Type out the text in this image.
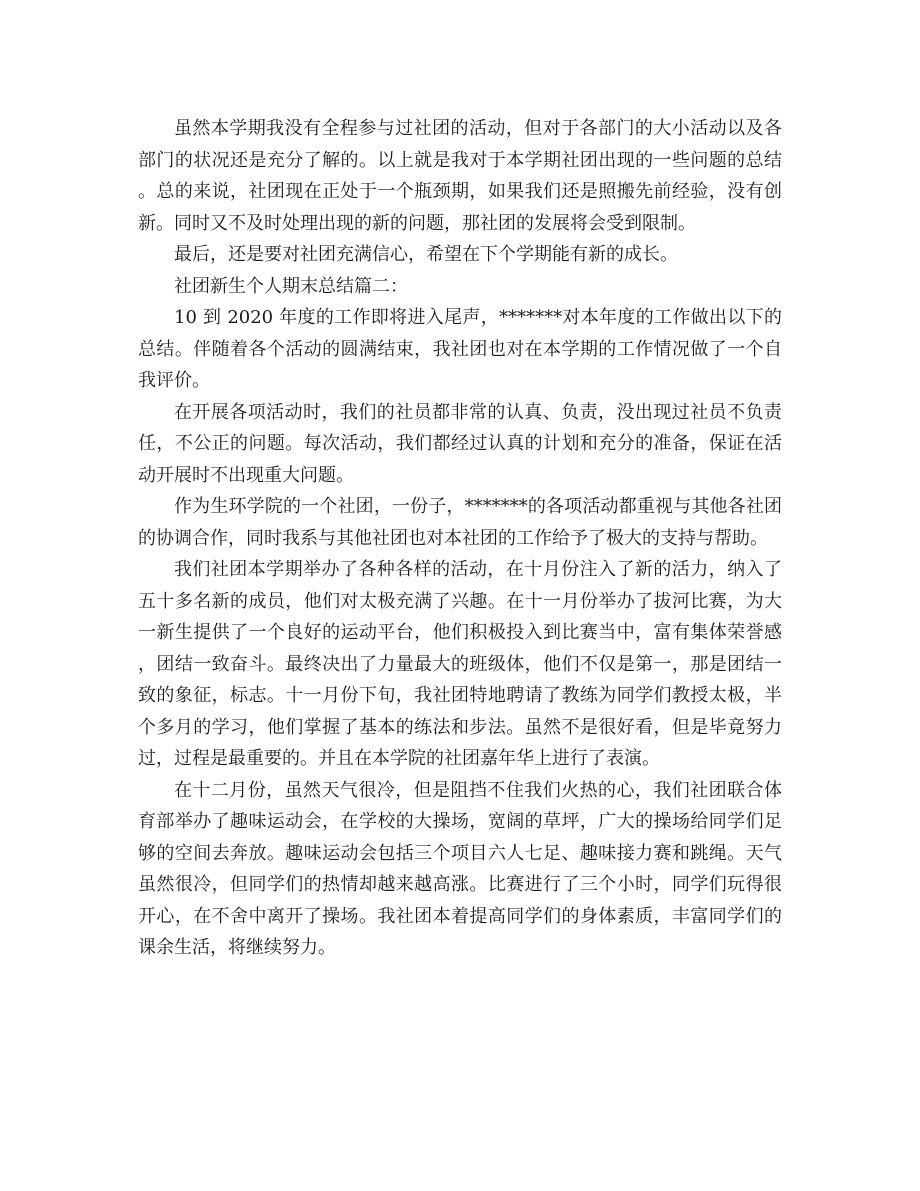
虽然本学期我没有全程参与过社团的活动，但对于各部门的大小活动以及各部门的状况还是充分了解的。以上就是我对于本学期社团出现的一些问题的总结。总的来说，社团现在正处于一个瓶颈期，如果我们还是照搬先前经验，没有创新。同时又不及时处理出现的新的问题，那社团的发展将会受到限制。

最后，还是要对社团充满信心，希望在下个学期能有新的成长。

社团新生个人期末总结篇二：

10 到 2020 年度的工作即将进入尾声，*******对本年度的工作做出以下的总结。伴随着各个活动的圆满结束，我社团也对在本学期的工作情况做了一个自我评价。

在开展各项活动时，我们的社员都非常的认真、负责，没出现过社员不负责任，不公正的问题。每次活动，我们都经过认真的计划和充分的准备，保证在活动开展时不出现重大问题。

作为生环学院的一个社团，一份子，*******的各项活动都重视与其他各社团的协调合作，同时我系与其他社团也对本社团的工作给予了极大的支持与帮助。

我们社团本学期举办了各种各样的活动，在十月份注入了新的活力，纳入了五十多名新的成员，他们对太极充满了兴趣。在十一月份举办了拔河比赛，为大一新生提供了一个良好的运动平台，他们积极投入到比赛当中，富有集体荣誉感，团结一致奋斗。最终决出了力量最大的班级体，他们不仅是第一，那是团结一致的象征，标志。十一月份下旬，我社团特地聘请了教练为同学们教授太极，半个多月的学习，他们掌握了基本的练法和步法。虽然不是很好看，但是毕竟努力过，过程是最重要的。并且在本学院的社团嘉年华上进行了表演。

在十二月份，虽然天气很冷，但是阻挡不住我们火热的心，我们社团联合体育部举办了趣味运动会，在学校的大操场，宽阔的草坪，广大的操场给同学们足够的空间去奔放。趣味运动会包括三个项目六人七足、趣味接力赛和跳绳。天气虽然很冷，但同学们的热情却越来越高涨。比赛进行了三个小时，同学们玩得很开心，在不舍中离开了操场。我社团本着提高同学们的身体素质，丰富同学们的课余生活，将继续努力。
